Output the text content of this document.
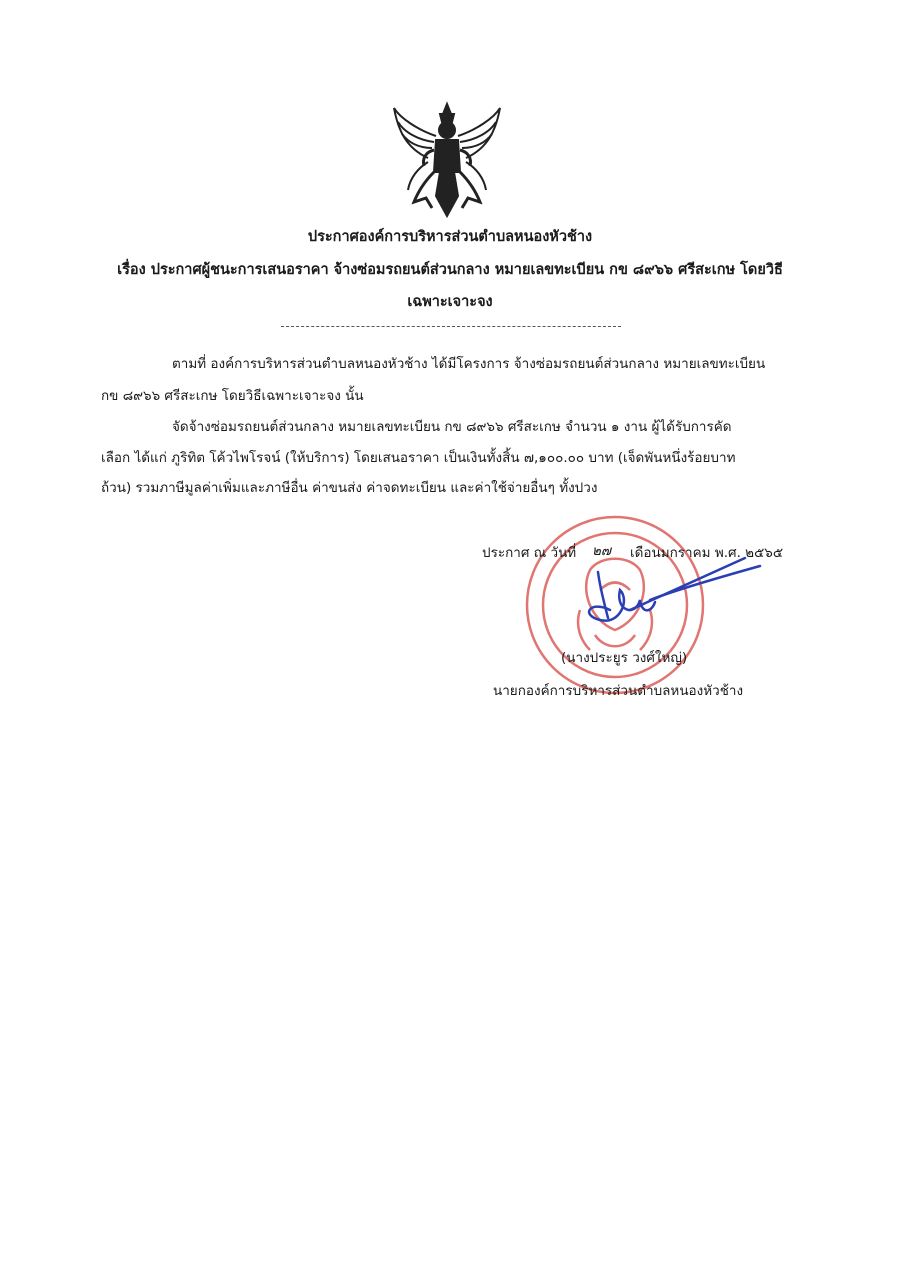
ประกาศองค์การบริหารส่วนตำบลหนองหัวช้าง
เรื่อง ประกาศผู้ชนะการเสนอราคา จ้างซ่อมรถยนต์ส่วนกลาง หมายเลขทะเบียน กข ๘๙๖๖ ศรีสะเกษ โดยวิธี
เฉพาะเจาะจง
ตามที่ องค์การบริหารส่วนตำบลหนองหัวช้าง ได้มีโครงการ จ้างซ่อมรถยนต์ส่วนกลาง หมายเลขทะเบียน
กข ๘๙๖๖ ศรีสะเกษ โดยวิธีเฉพาะเจาะจง นั้น
จัดจ้างซ่อมรถยนต์ส่วนกลาง หมายเลขทะเบียน กข ๘๙๖๖ ศรีสะเกษ จำนวน ๑ งาน ผู้ได้รับการคัด
เลือก ได้แก่ ภูริทิต โค้วไพโรจน์ (ให้บริการ) โดยเสนอราคา เป็นเงินทั้งสิ้น ๗,๑๐๐.๐๐ บาท (เจ็ดพันหนึ่งร้อยบาท
ถ้วน) รวมภาษีมูลค่าเพิ่มและภาษีอื่น ค่าขนส่ง ค่าจดทะเบียน และค่าใช้จ่ายอื่นๆ ทั้งปวง
ประกาศ ณ วันที่ ๒๗ เดือนมกราคม พ.ศ. ๒๕๖๕
(นางประยูร วงศ์ใหญ่)
นายกองค์การบริหารส่วนตำบลหนองหัวช้าง
